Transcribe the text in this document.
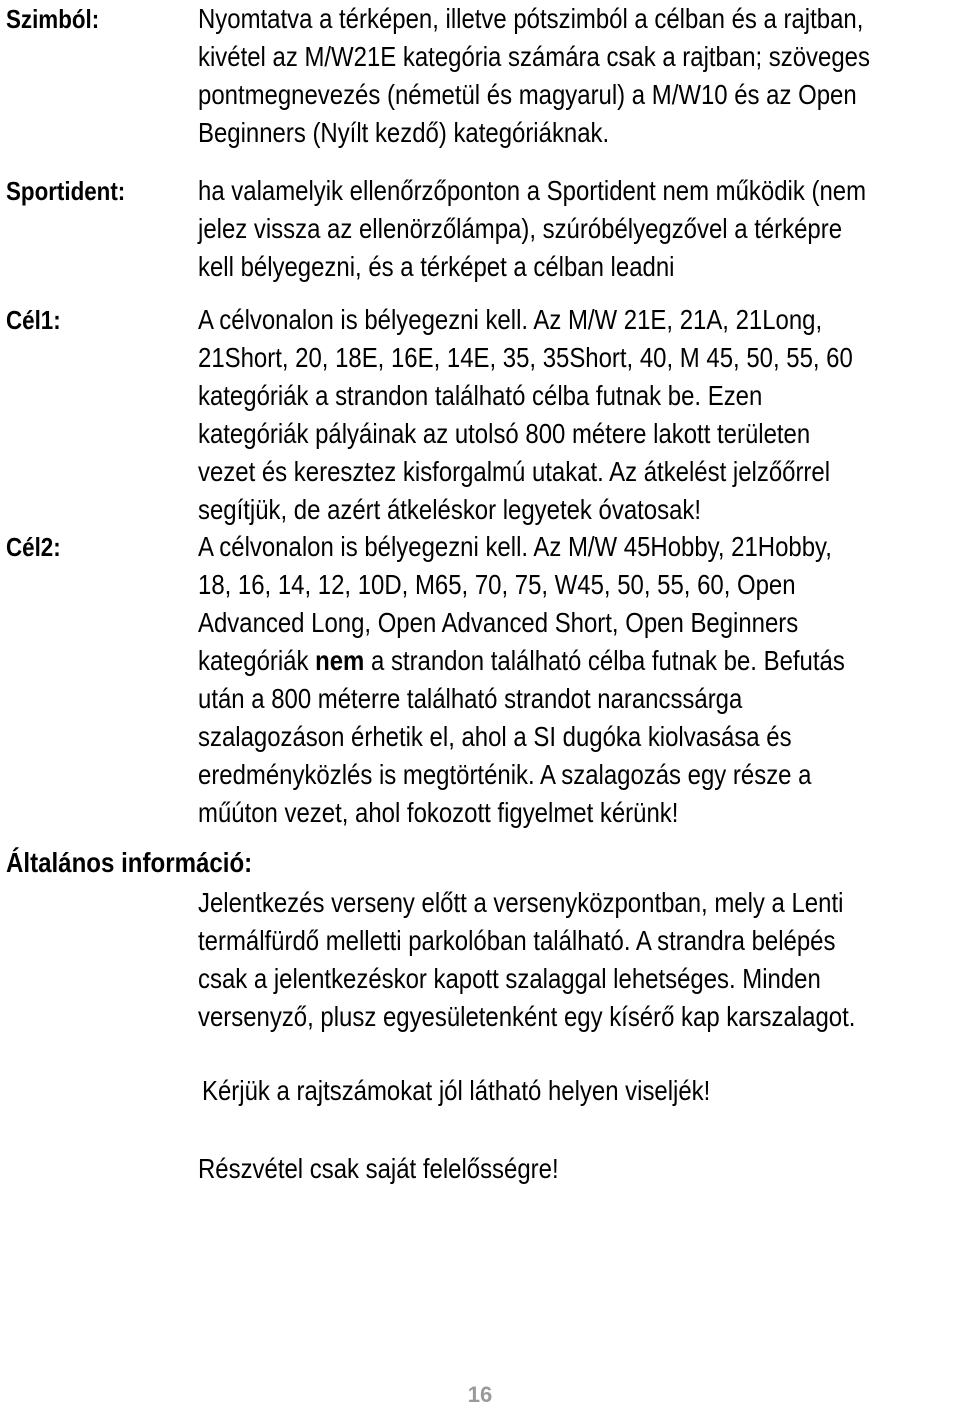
Szimból:	Nyomtatva a térképen, illetve pótszimból a célban és a rajtban,
kivétel az M/W21E kategória számára csak a rajtban; szöveges
pontmegnevezés (németül és magyarul) a M/W10 és az Open
Beginners (Nyílt kezdő) kategóriáknak.
Sportident:	ha valamelyik ellenőrzőponton a Sportident nem működik (nem
jelez vissza az ellenörzőlámpa), szúróbélyegzővel a térképre
kell bélyegezni, és a térképet a célban leadni
Cél1:	A célvonalon is bélyegezni kell. Az M/W 21E, 21A, 21Long,
21Short, 20, 18E, 16E, 14E, 35, 35Short, 40, M 45, 50, 55, 60
kategóriák a strandon található célba futnak be. Ezen
kategóriák pályáinak az utolsó 800 métere lakott területen
vezet és keresztez kisforgalmú utakat. Az átkelést jelzőőrrel
segítjük, de azért átkeléskor legyetek óvatosak!
Cél2:	A célvonalon is bélyegezni kell. Az M/W 45Hobby, 21Hobby,
18, 16, 14, 12, 10D, M65, 70, 75, W45, 50, 55, 60, Open
Advanced Long, Open Advanced Short, Open Beginners
kategóriák nem a strandon található célba futnak be. Befutás
után a 800 méterre található strandot narancssárga
szalagozáson érhetik el, ahol a SI dugóka kiolvasása és
eredményközlés is megtörténik. A szalagozás egy része a
műúton vezet, ahol fokozott figyelmet kérünk!
Általános információ:
Jelentkezés verseny előtt a versenyközpontban, mely a Lenti
termálfürdő melletti parkolóban található. A strandra belépés
csak a jelentkezéskor kapott szalaggal lehetséges. Minden
versenyző, plusz egyesületenként egy kísérő kap karszalagot.
Kérjük a rajtszámokat jól látható helyen viseljék!
Részvétel csak saját felelősségre!
16
